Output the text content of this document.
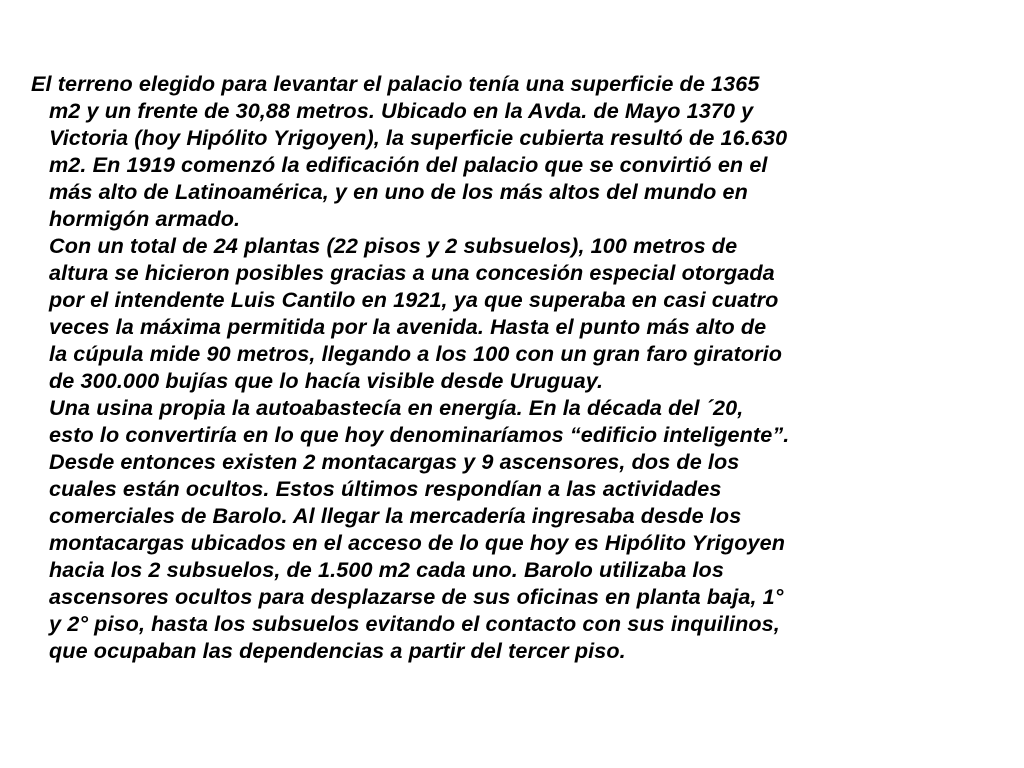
El terreno elegido para levantar el palacio tenía una superficie de 1365
m2 y un frente de 30,88 metros. Ubicado en la Avda. de Mayo 1370 y
Victoria (hoy Hipólito Yrigoyen), la superficie cubierta resultó de 16.630
m2. En 1919 comenzó la edificación del palacio que se convirtió en el
más alto de Latinoamérica, y en uno de los más altos del mundo en
hormigón armado.
Con un total de 24 plantas (22 pisos y 2 subsuelos), 100 metros de
altura se hicieron posibles gracias a una concesión especial otorgada
por el intendente Luis Cantilo en 1921, ya que superaba en casi cuatro
veces la máxima permitida por la avenida. Hasta el punto más alto de
la cúpula mide 90 metros, llegando a los 100 con un gran faro giratorio
de 300.000 bujías que lo hacía visible desde Uruguay.
Una usina propia la autoabastecía en energía. En la década del ´20,
esto lo convertiría en lo que hoy denominaríamos “edificio inteligente”.
Desde entonces existen 2 montacargas y 9 ascensores, dos de los
cuales están ocultos. Estos últimos respondían a las actividades
comerciales de Barolo. Al llegar la mercadería ingresaba desde los
montacargas ubicados en el acceso de lo que hoy es Hipólito Yrigoyen
hacia los 2 subsuelos, de 1.500 m2 cada uno. Barolo utilizaba los
ascensores ocultos para desplazarse de sus oficinas en planta baja, 1°
y 2° piso, hasta los subsuelos evitando el contacto con sus inquilinos,
que ocupaban las dependencias a partir del tercer piso.
